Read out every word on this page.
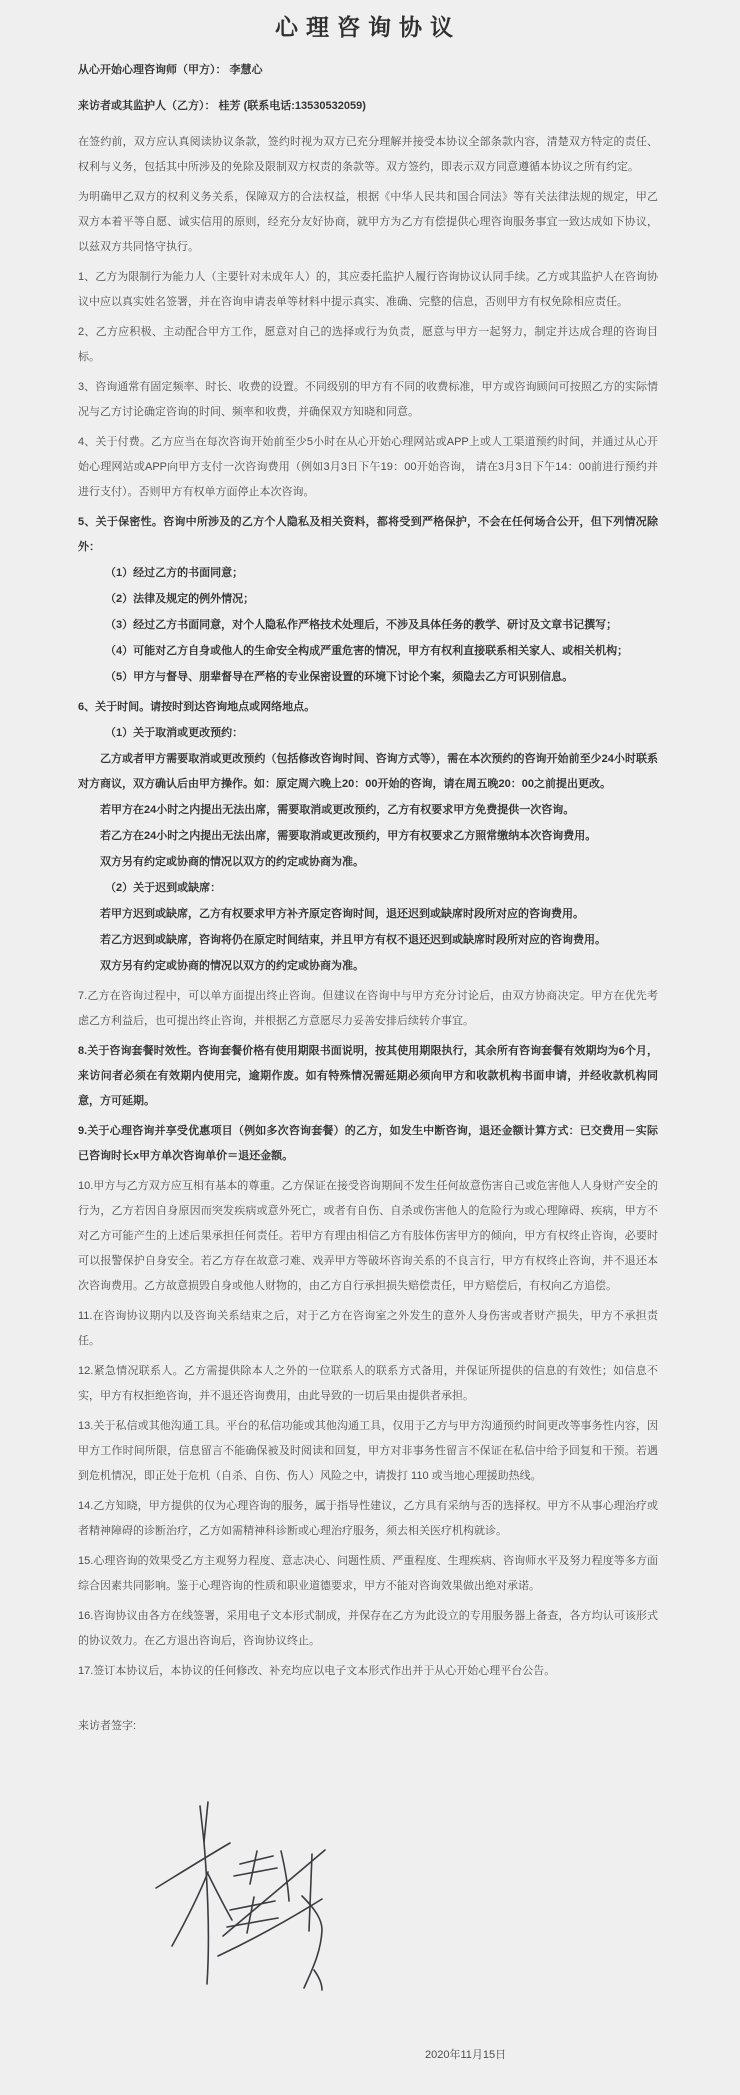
心理咨询协议

从心开始心理咨询师（甲方）： 李慧心

来访者或其监护人（乙方）： 桂芳 (联系电话:13530532059)

在签约前，双方应认真阅读协议条款，签约时视为双方已充分理解并接受本协议全部条款内容，清楚双方特定的责任、权利与义务，包括其中所涉及的免除及限制双方权责的条款等。双方签约，即表示双方同意遵循本协议之所有约定。

为明确甲乙双方的权利义务关系，保障双方的合法权益，根据《中华人民共和国合同法》等有关法律法规的规定，甲乙双方本着平等自愿、诚实信用的原则，经充分友好协商，就甲方为乙方有偿提供心理咨询服务事宜一致达成如下协议，以兹双方共同恪守执行。

1、乙方为限制行为能力人（主要针对未成年人）的，其应委托监护人履行咨询协议认同手续。乙方或其监护人在咨询协议中应以真实姓名签署，并在咨询申请表单等材料中提示真实、准确、完整的信息，否则甲方有权免除相应责任。

2、乙方应积极、主动配合甲方工作，愿意对自己的选择或行为负责，愿意与甲方一起努力，制定并达成合理的咨询目标。

3、咨询通常有固定频率、时长、收费的设置。不同级别的甲方有不同的收费标准，甲方或咨询顾问可按照乙方的实际情况与乙方讨论确定咨询的时间、频率和收费，并确保双方知晓和同意。

4、关于付费。乙方应当在每次咨询开始前至少5小时在从心开始心理网站或APP上或人工渠道预约时间，并通过从心开始心理网站或APP向甲方支付一次咨询费用（例如3月3日下午19：00开始咨询， 请在3月3日下午14：00前进行预约并进行支付）。否则甲方有权单方面停止本次咨询。

5、关于保密性。咨询中所涉及的乙方个人隐私及相关资料，都将受到严格保护，不会在任何场合公开，但下列情况除外：

（1）经过乙方的书面同意；

（2）法律及规定的例外情况；

（3）经过乙方书面同意，对个人隐私作严格技术处理后，不涉及具体任务的教学、研讨及文章书记撰写；

（4）可能对乙方自身或他人的生命安全构成严重危害的情况，甲方有权利直接联系相关家人、或相关机构；

（5）甲方与督导、朋辈督导在严格的专业保密设置的环境下讨论个案，须隐去乙方可识别信息。

6、关于时间。请按时到达咨询地点或网络地点。

（1）关于取消或更改预约：

乙方或者甲方需要取消或更改预约（包括修改咨询时间、咨询方式等），需在本次预约的咨询开始前至少24小时联系对方商议，双方确认后由甲方操作。如：原定周六晚上20：00开始的咨询，请在周五晚20：00之前提出更改。

若甲方在24小时之内提出无法出席，需要取消或更改预约，乙方有权要求甲方免费提供一次咨询。

若乙方在24小时之内提出无法出席，需要取消或更改预约，甲方有权要求乙方照常缴纳本次咨询费用。

双方另有约定或协商的情况以双方的约定或协商为准。

（2）关于迟到或缺席：

若甲方迟到或缺席，乙方有权要求甲方补齐原定咨询时间，退还迟到或缺席时段所对应的咨询费用。

若乙方迟到或缺席，咨询将仍在原定时间结束，并且甲方有权不退还迟到或缺席时段所对应的咨询费用。

双方另有约定或协商的情况以双方的约定或协商为准。

7.乙方在咨询过程中，可以单方面提出终止咨询。但建议在咨询中与甲方充分讨论后，由双方协商决定。甲方在优先考虑乙方利益后，也可提出终止咨询，并根据乙方意愿尽力妥善安排后续转介事宜。

8.关于咨询套餐时效性。咨询套餐价格有使用期限书面说明，按其使用期限执行，其余所有咨询套餐有效期均为6个月，来访问者必须在有效期内使用完，逾期作废。如有特殊情况需延期必须向甲方和收款机构书面申请，并经收款机构同意，方可延期。

9.关于心理咨询并享受优惠项目（例如多次咨询套餐）的乙方，如发生中断咨询，退还金额计算方式：已交费用－实际已咨询时长x甲方单次咨询单价＝退还金额。

10.甲方与乙方双方应互相有基本的尊重。乙方保证在接受咨询期间不发生任何故意伤害自己或危害他人人身财产安全的行为，乙方若因自身原因而突发疾病或意外死亡，或者有自伤、自杀或伤害他人的危险行为或心理障碍、疾病，甲方不对乙方可能产生的上述后果承担任何责任。若甲方有理由相信乙方有肢体伤害甲方的倾向，甲方有权终止咨询，必要时可以报警保护自身安全。若乙方存在故意刁难、戏弄甲方等破坏咨询关系的不良言行，甲方有权终止咨询，并不退还本次咨询费用。乙方故意损毁自身或他人财物的，由乙方自行承担损失赔偿责任，甲方赔偿后，有权向乙方追偿。

11.在咨询协议期内以及咨询关系结束之后，对于乙方在咨询室之外发生的意外人身伤害或者财产损失，甲方不承担责任。

12.紧急情况联系人。乙方需提供除本人之外的一位联系人的联系方式备用，并保证所提供的信息的有效性；如信息不实，甲方有权拒绝咨询，并不退还咨询费用，由此导致的一切后果由提供者承担。

13.关于私信或其他沟通工具。平台的私信功能或其他沟通工具，仅用于乙方与甲方沟通预约时间更改等事务性内容，因甲方工作时间所限，信息留言不能确保被及时阅读和回复，甲方对非事务性留言不保证在私信中给予回复和干预。若遇到危机情况，即正处于危机（自杀、自伤、伤人）风险之中，请拨打 110 或当地心理援助热线。

14.乙方知晓，甲方提供的仅为心理咨询的服务，属于指导性建议，乙方具有采纳与否的选择权。甲方不从事心理治疗或者精神障碍的诊断治疗，乙方如需精神科诊断或心理治疗服务，须去相关医疗机构就诊。

15.心理咨询的效果受乙方主观努力程度、意志决心、问题性质、严重程度、生理疾病、咨询师水平及努力程度等多方面综合因素共同影响。鉴于心理咨询的性质和职业道德要求，甲方不能对咨询效果做出绝对承诺。

16.咨询协议由各方在线签署，采用电子文本形式制成，并保存在乙方为此设立的专用服务器上备查，各方均认可该形式的协议效力。在乙方退出咨询后，咨询协议终止。

17.签订本协议后，本协议的任何修改、补充均应以电子文本形式作出并于从心开始心理平台公告。

来访者签字:

2020年11月15日
